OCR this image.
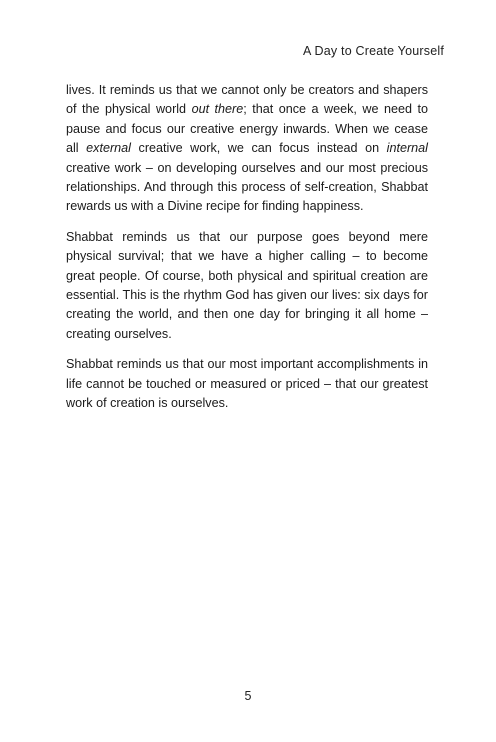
A Day to Create Yourself

lives. It reminds us that we cannot only be creators and shapers of the physical world out there; that once a week, we need to pause and focus our creative energy inwards. When we cease all external creative work, we can focus instead on internal creative work – on developing ourselves and our most precious relationships. And through this process of self-creation, Shabbat rewards us with a Divine recipe for finding happiness.

Shabbat reminds us that our purpose goes beyond mere physical survival; that we have a higher calling – to become great people. Of course, both physical and spiritual creation are essential. This is the rhythm God has given our lives: six days for creating the world, and then one day for bringing it all home – creating ourselves.

Shabbat reminds us that our most important accomplishments in life cannot be touched or measured or priced – that our greatest work of creation is ourselves.

5
